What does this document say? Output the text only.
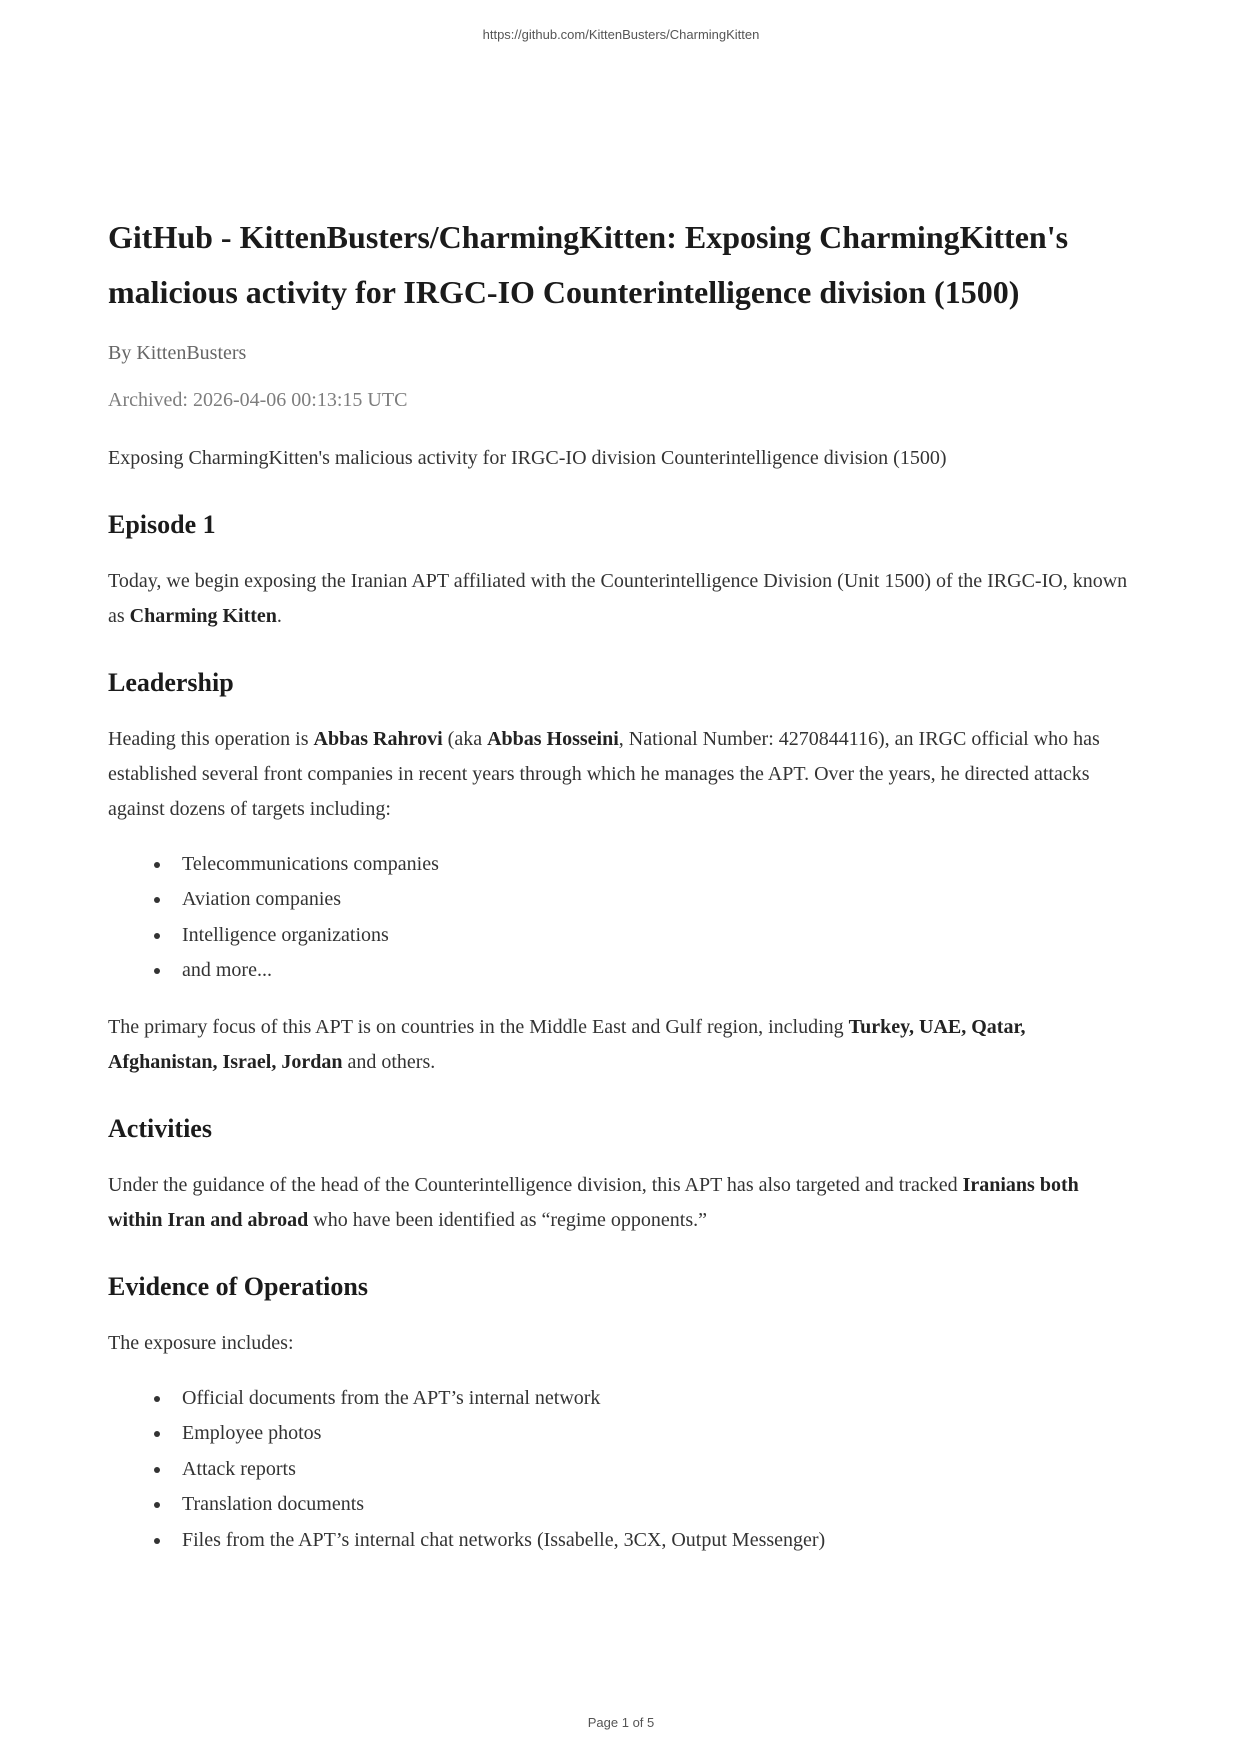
https://github.com/KittenBusters/CharmingKitten
GitHub - KittenBusters/CharmingKitten: Exposing CharmingKitten's malicious activity for IRGC-IO Counterintelligence division (1500)

By KittenBusters

Archived: 2026-04-06 00:13:15 UTC

Exposing CharmingKitten's malicious activity for IRGC-IO division Counterintelligence division (1500)

Episode 1

Today, we begin exposing the Iranian APT affiliated with the Counterintelligence Division (Unit 1500) of the IRGC-IO, known as Charming Kitten.

Leadership

Heading this operation is Abbas Rahrovi (aka Abbas Hosseini, National Number: 4270844116), an IRGC official who has established several front companies in recent years through which he manages the APT. Over the years, he directed attacks against dozens of targets including:

• Telecommunications companies
• Aviation companies
• Intelligence organizations
• and more...

The primary focus of this APT is on countries in the Middle East and Gulf region, including Turkey, UAE, Qatar, Afghanistan, Israel, Jordan and others.

Activities

Under the guidance of the head of the Counterintelligence division, this APT has also targeted and tracked Iranians both within Iran and abroad who have been identified as “regime opponents.”

Evidence of Operations

The exposure includes:

• Official documents from the APT’s internal network
• Employee photos
• Attack reports
• Translation documents
• Files from the APT’s internal chat networks (Issabelle, 3CX, Output Messenger)
Page 1 of 5
